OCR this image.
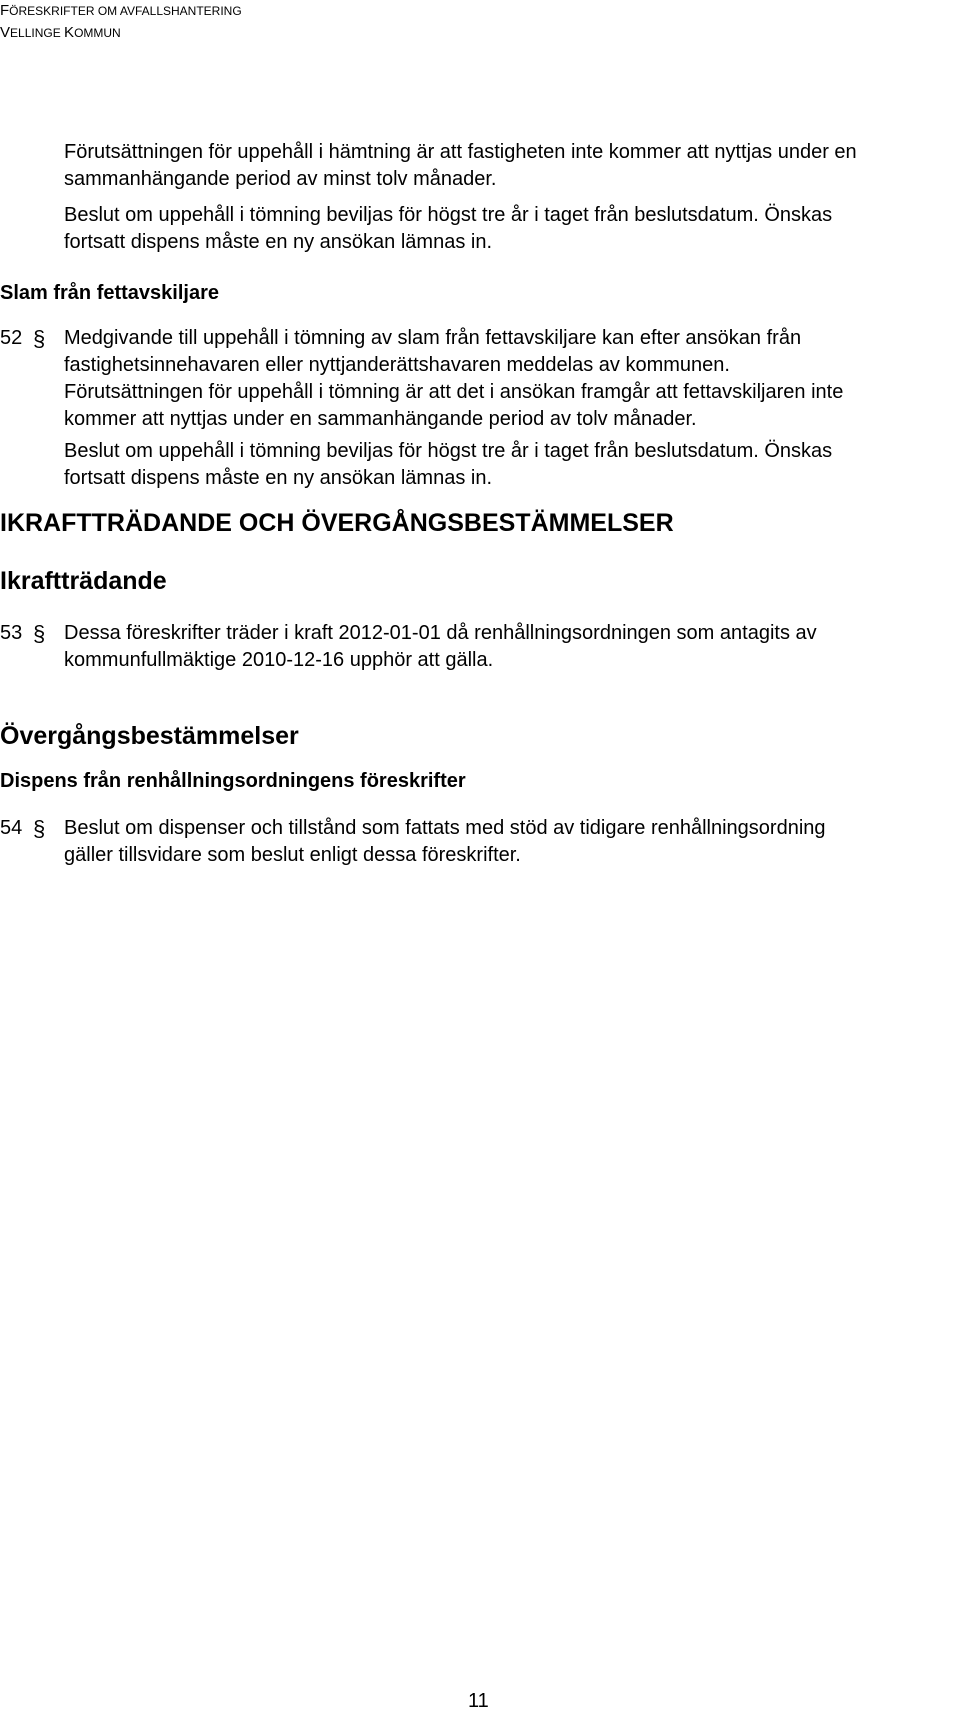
FÖRESKRIFTER OM AVFALLSHANTERING
VELLINGE KOMMUN
Förutsättningen för uppehåll i hämtning är att fastigheten inte kommer att nyttjas under en
sammanhängande period av minst tolv månader.
Beslut om uppehåll i tömning beviljas för högst tre år i taget från beslutsdatum. Önskas
fortsatt dispens måste en ny ansökan lämnas in.
Slam från fettavskiljare
52 § Medgivande till uppehåll i tömning av slam från fettavskiljare kan efter ansökan från
fastighetsinnehavaren eller nyttjanderättshavaren meddelas av kommunen.
Förutsättningen för uppehåll i tömning är att det i ansökan framgår att fettavskiljaren inte
kommer att nyttjas under en sammanhängande period av tolv månader.
Beslut om uppehåll i tömning beviljas för högst tre år i taget från beslutsdatum. Önskas
fortsatt dispens måste en ny ansökan lämnas in.
IKRAFTTRÄDANDE OCH ÖVERGÅNGSBESTÄMMELSER
Ikraftträdande
53 § Dessa föreskrifter träder i kraft 2012-01-01 då renhållningsordningen som antagits av
kommunfullmäktige 2010-12-16 upphör att gälla.
Övergångsbestämmelser
Dispens från renhållningsordningens föreskrifter
54 § Beslut om dispenser och tillstånd som fattats med stöd av tidigare renhållningsordning
gäller tillsvidare som beslut enligt dessa föreskrifter.
11
